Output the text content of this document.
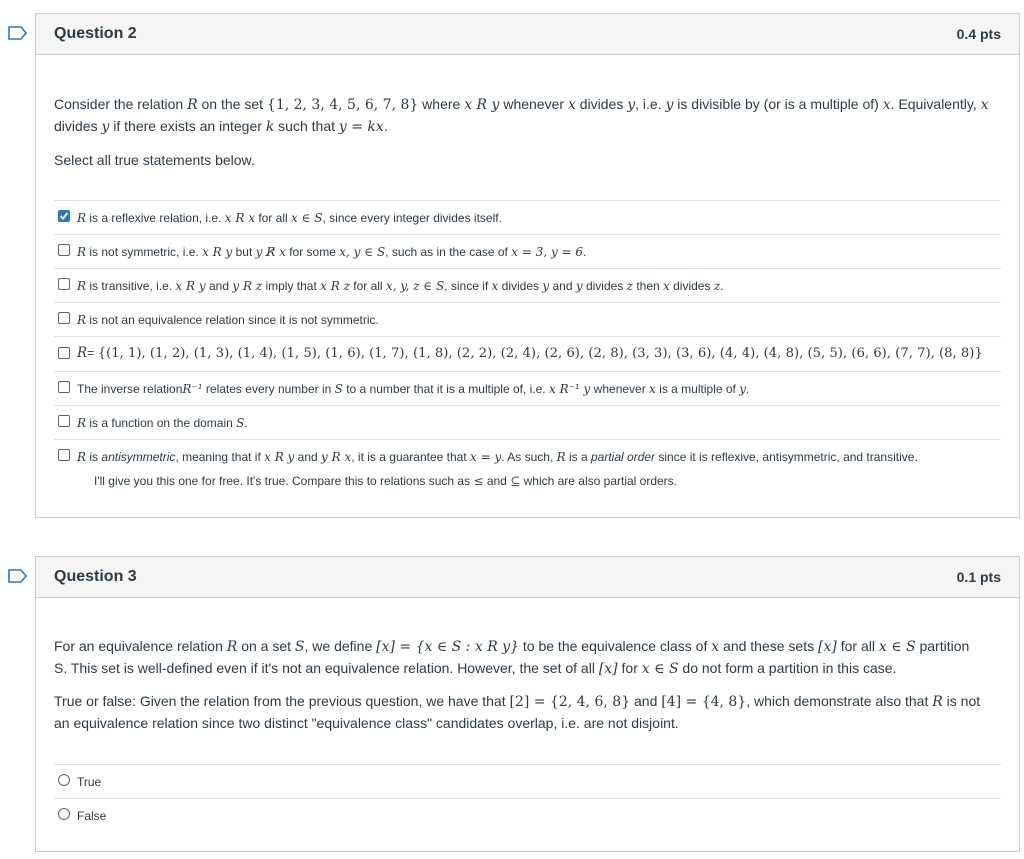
Question 2	0.4 pts

Consider the relation R on the set {1, 2, 3, 4, 5, 6, 7, 8} where x R y whenever x divides y, i.e. y is divisible by (or is a multiple of) x. Equivalently, x
divides y if there exists an integer k such that y = kx.

Select all true statements below.

R is a reflexive relation, i.e. x R x for all x ∈ S, since every integer divides itself.
R is not symmetric, i.e. x R y but y R̸ x for some x, y ∈ S, such as in the case of x = 3, y = 6.
R is transitive, i.e. x R y and y R z imply that x R z for all x, y, z ∈ S, since if x divides y and y divides z then x divides z.
R is not an equivalence relation since it is not symmetric.
R= {(1, 1), (1, 2), (1, 3), (1, 4), (1, 5), (1, 6), (1, 7), (1, 8), (2, 2), (2, 4), (2, 6), (2, 8), (3, 3), (3, 6), (4, 4), (4, 8), (5, 5), (6, 6), (7, 7), (8, 8)}
The inverse relationR⁻¹ relates every number in S to a number that it is a multiple of, i.e. x R⁻¹ y whenever x is a multiple of y.
R is a function on the domain S.
R is antisymmetric, meaning that if x R y and y R x, it is a guarantee that x = y. As such, R is a partial order since it is reflexive, antisymmetric, and transitive.
I'll give you this one for free. It's true. Compare this to relations such as ≤ and ⊆ which are also partial orders.
Question 3	0.1 pts

For an equivalence relation R on a set S, we define [x] = {x ∈ S : x R y} to be the equivalence class of x and these sets [x] for all x ∈ S partition
S. This set is well-defined even if it's not an equivalence relation. However, the set of all [x] for x ∈ S do not form a partition in this case.

True or false: Given the relation from the previous question, we have that [2] = {2, 4, 6, 8} and [4] = {4, 8}, which demonstrate also that R is not
an equivalence relation since two distinct "equivalence class" candidates overlap, i.e. are not disjoint.

True
False
